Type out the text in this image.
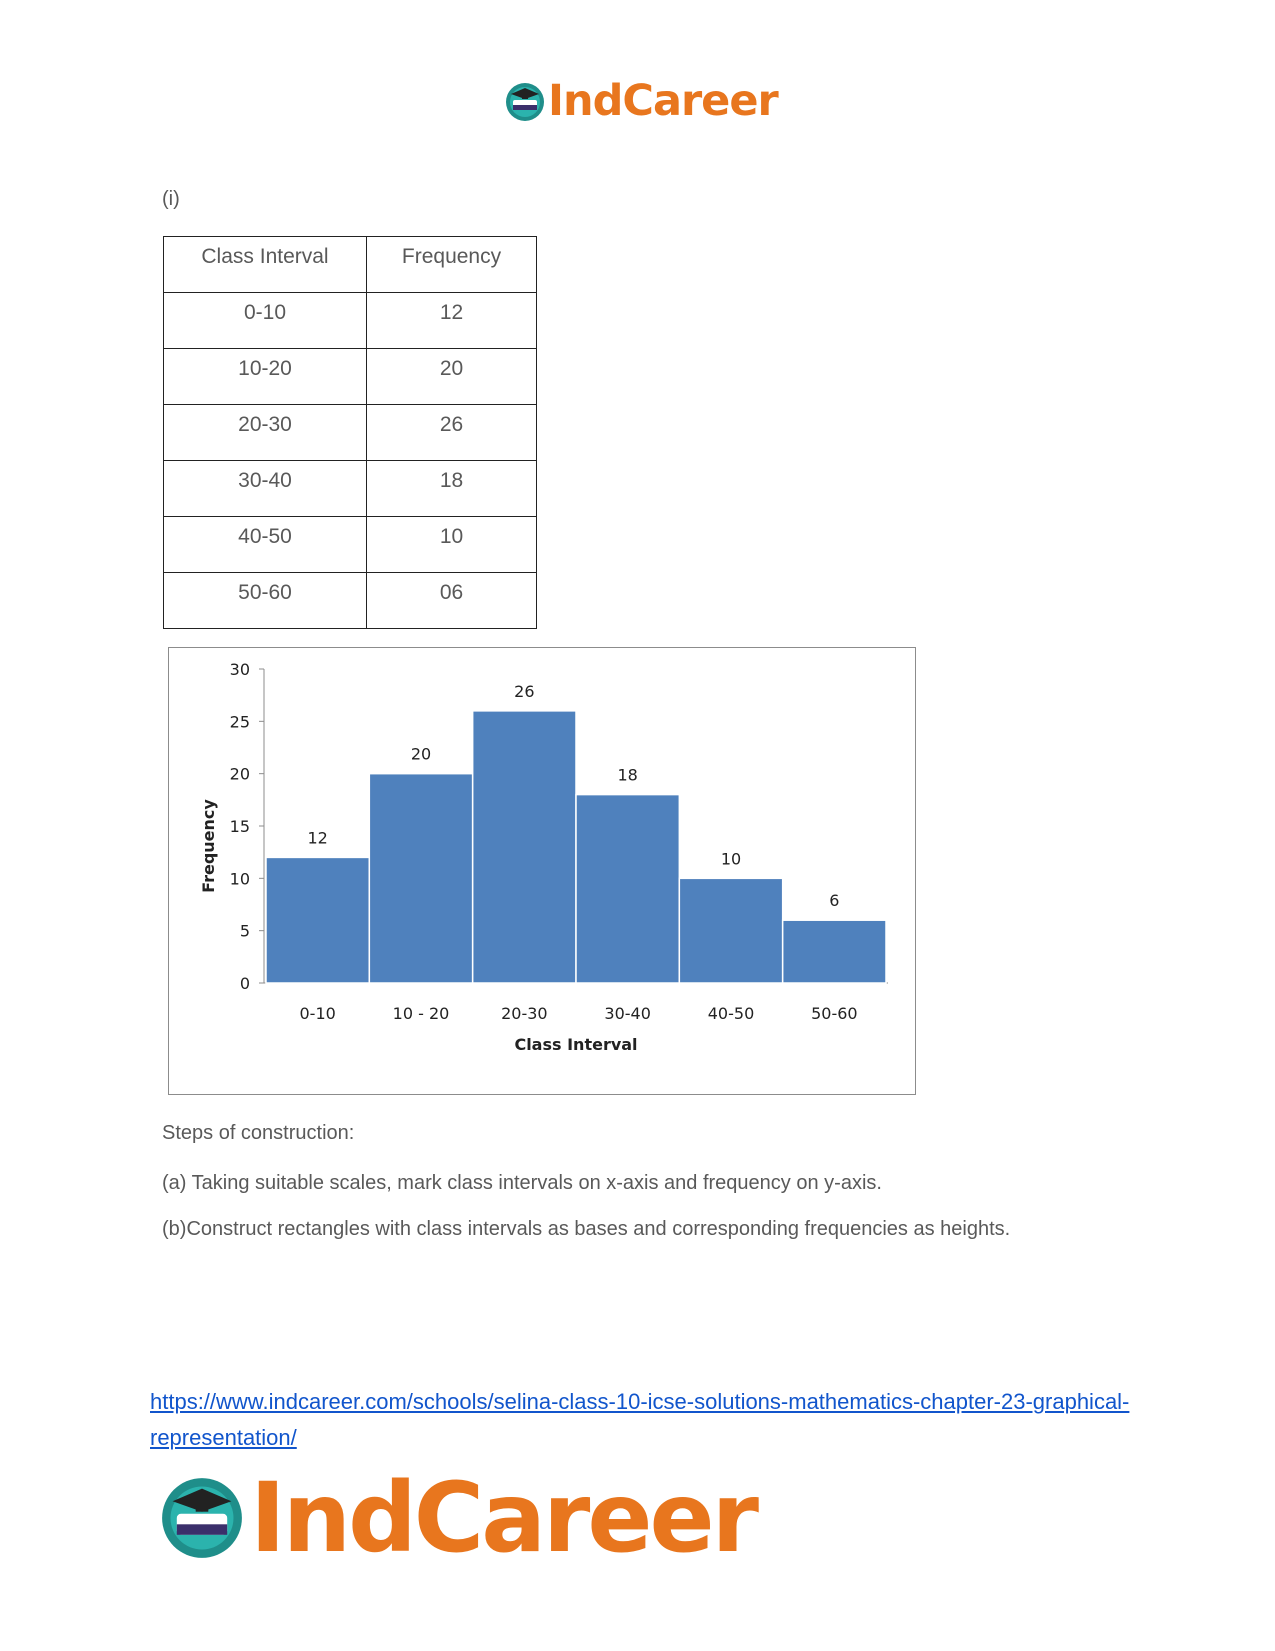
IndCareer
(i)
Class Interval	Frequency
0-10	12
10-20	20
20-30	26
30-40	18
40-50	10
50-60	06
0
5
10
15
20
25
30
12
0-10
20
10 - 20
26
20-30
18
30-40
10
40-50
6
50-60
Class Interval
Frequency
Steps of construction:
(a) Taking suitable scales, mark class intervals on x-axis and frequency on y-axis.
(b)Construct rectangles with class intervals as bases and corresponding frequencies as heights.
https://www.indcareer.com/schools/selina-class-10-icse-solutions-mathematics-chapter-23-graphical-representation/
IndCareer
